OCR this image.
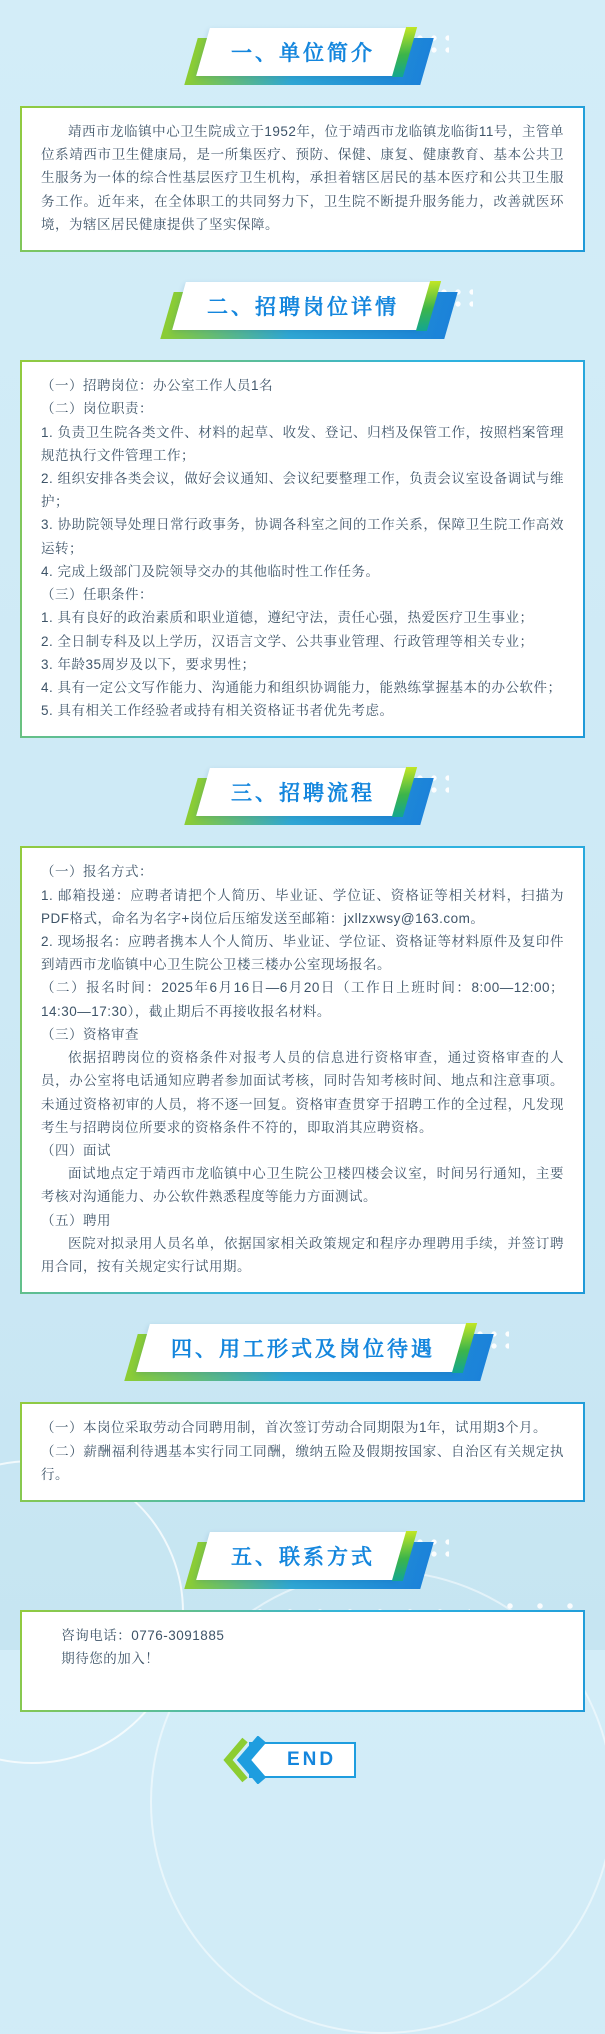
一、单位简介

靖西市龙临镇中心卫生院成立于1952年，位于靖西市龙临镇龙临街11号，主管单位系靖西市卫生健康局，是一所集医疗、预防、保健、康复、健康教育、基本公共卫生服务为一体的综合性基层医疗卫生机构，承担着辖区居民的基本医疗和公共卫生服务工作。近年来，在全体职工的共同努力下，卫生院不断提升服务能力，改善就医环境，为辖区居民健康提供了坚实保障。

二、招聘岗位详情

（一）招聘岗位：办公室工作人员1名

（二）岗位职责：

1. 负责卫生院各类文件、材料的起草、收发、登记、归档及保管工作，按照档案管理规范执行文件管理工作；

2. 组织安排各类会议，做好会议通知、会议纪要整理工作，负责会议室设备调试与维护；

3. 协助院领导处理日常行政事务，协调各科室之间的工作关系，保障卫生院工作高效运转；

4. 完成上级部门及院领导交办的其他临时性工作任务。

（三）任职条件：

1. 具有良好的政治素质和职业道德，遵纪守法，责任心强，热爱医疗卫生事业；

2. 全日制专科及以上学历，汉语言文学、公共事业管理、行政管理等相关专业；

3. 年龄35周岁及以下，要求男性；

4. 具有一定公文写作能力、沟通能力和组织协调能力，能熟练掌握基本的办公软件；

5. 具有相关工作经验者或持有相关资格证书者优先考虑。

三、招聘流程

（一）报名方式：

1. 邮箱投递：应聘者请把个人简历、毕业证、学位证、资格证等相关材料，扫描为PDF格式，命名为名字+岗位后压缩发送至邮箱：jxllzxwsy@163.com。

2. 现场报名：应聘者携本人个人简历、毕业证、学位证、资格证等材料原件及复印件到靖西市龙临镇中心卫生院公卫楼三楼办公室现场报名。

（二）报名时间：2025年6月16日—6月20日（工作日上班时间：8:00—12:00；14:30—17:30），截止期后不再接收报名材料。

（三）资格审查

依据招聘岗位的资格条件对报考人员的信息进行资格审查，通过资格审查的人员，办公室将电话通知应聘者参加面试考核，同时告知考核时间、地点和注意事项。未通过资格初审的人员，将不逐一回复。资格审查贯穿于招聘工作的全过程，凡发现考生与招聘岗位所要求的资格条件不符的，即取消其应聘资格。

（四）面试

面试地点定于靖西市龙临镇中心卫生院公卫楼四楼会议室，时间另行通知，主要考核对沟通能力、办公软件熟悉程度等能力方面测试。

（五）聘用

医院对拟录用人员名单，依据国家相关政策规定和程序办理聘用手续，并签订聘用合同，按有关规定实行试用期。

四、用工形式及岗位待遇

（一）本岗位采取劳动合同聘用制，首次签订劳动合同期限为1年，试用期3个月。

（二）薪酬福利待遇基本实行同工同酬，缴纳五险及假期按国家、自治区有关规定执行。

五、联系方式

咨询电话：0776-3091885

期待您的加入！

END
